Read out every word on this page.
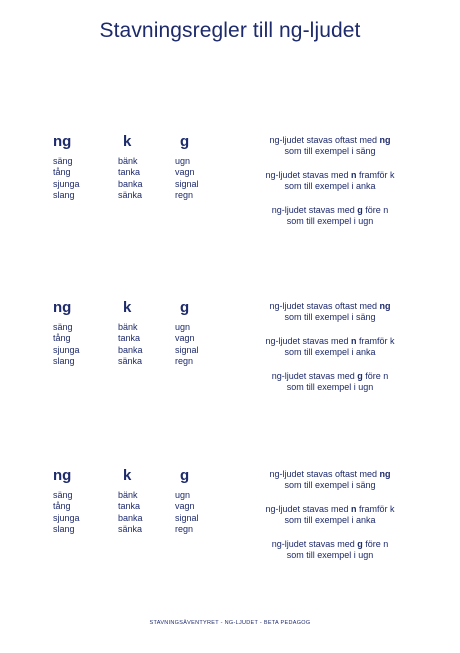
Stavningsregler till ng-ljudet
ng
säng
tång
sjunga
slang
k
bänk
tanka
banka
sänka
g
ugn
vagn
signal
regn
ng-ljudet stavas oftast med ng
som till exempel i säng
ng-ljudet stavas med n framför k
som till exempel i anka
ng-ljudet stavas med g före n
som till exempel i ugn
ng
säng
tång
sjunga
slang
k
bänk
tanka
banka
sänka
g
ugn
vagn
signal
regn
ng-ljudet stavas oftast med ng
som till exempel i säng
ng-ljudet stavas med n framför k
som till exempel i anka
ng-ljudet stavas med g före n
som till exempel i ugn
ng
säng
tång
sjunga
slang
k
bänk
tanka
banka
sänka
g
ugn
vagn
signal
regn
ng-ljudet stavas oftast med ng
som till exempel i säng
ng-ljudet stavas med n framför k
som till exempel i anka
ng-ljudet stavas med g före n
som till exempel i ugn
STAVNINGSÄVENTYRET - NG-LJUDET - BETA PEDAGOG
